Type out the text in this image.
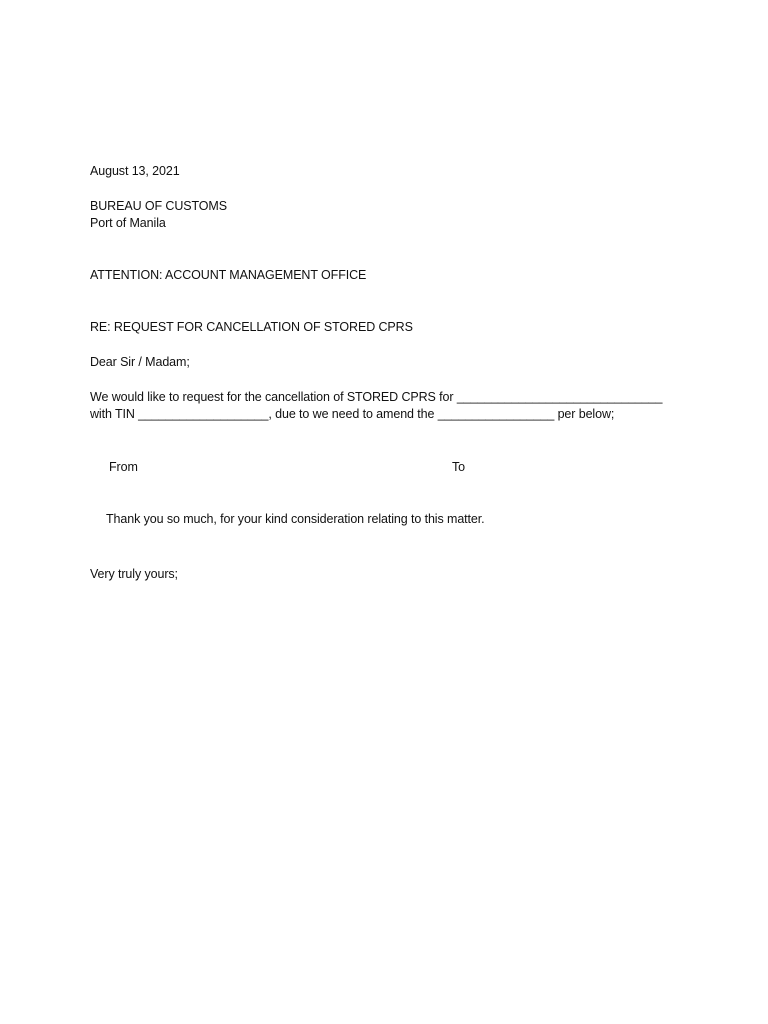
August 13, 2021
BUREAU OF CUSTOMS
Port of Manila
ATTENTION: ACCOUNT MANAGEMENT OFFICE
RE: REQUEST FOR CANCELLATION OF STORED CPRS
Dear Sir / Madam;
We would like to request for the cancellation of STORED CPRS for ______________________________
with TIN ___________________, due to we need to amend the _________________ per below;
From	To
Thank you so much, for your kind consideration relating to this matter.
Very truly yours;
